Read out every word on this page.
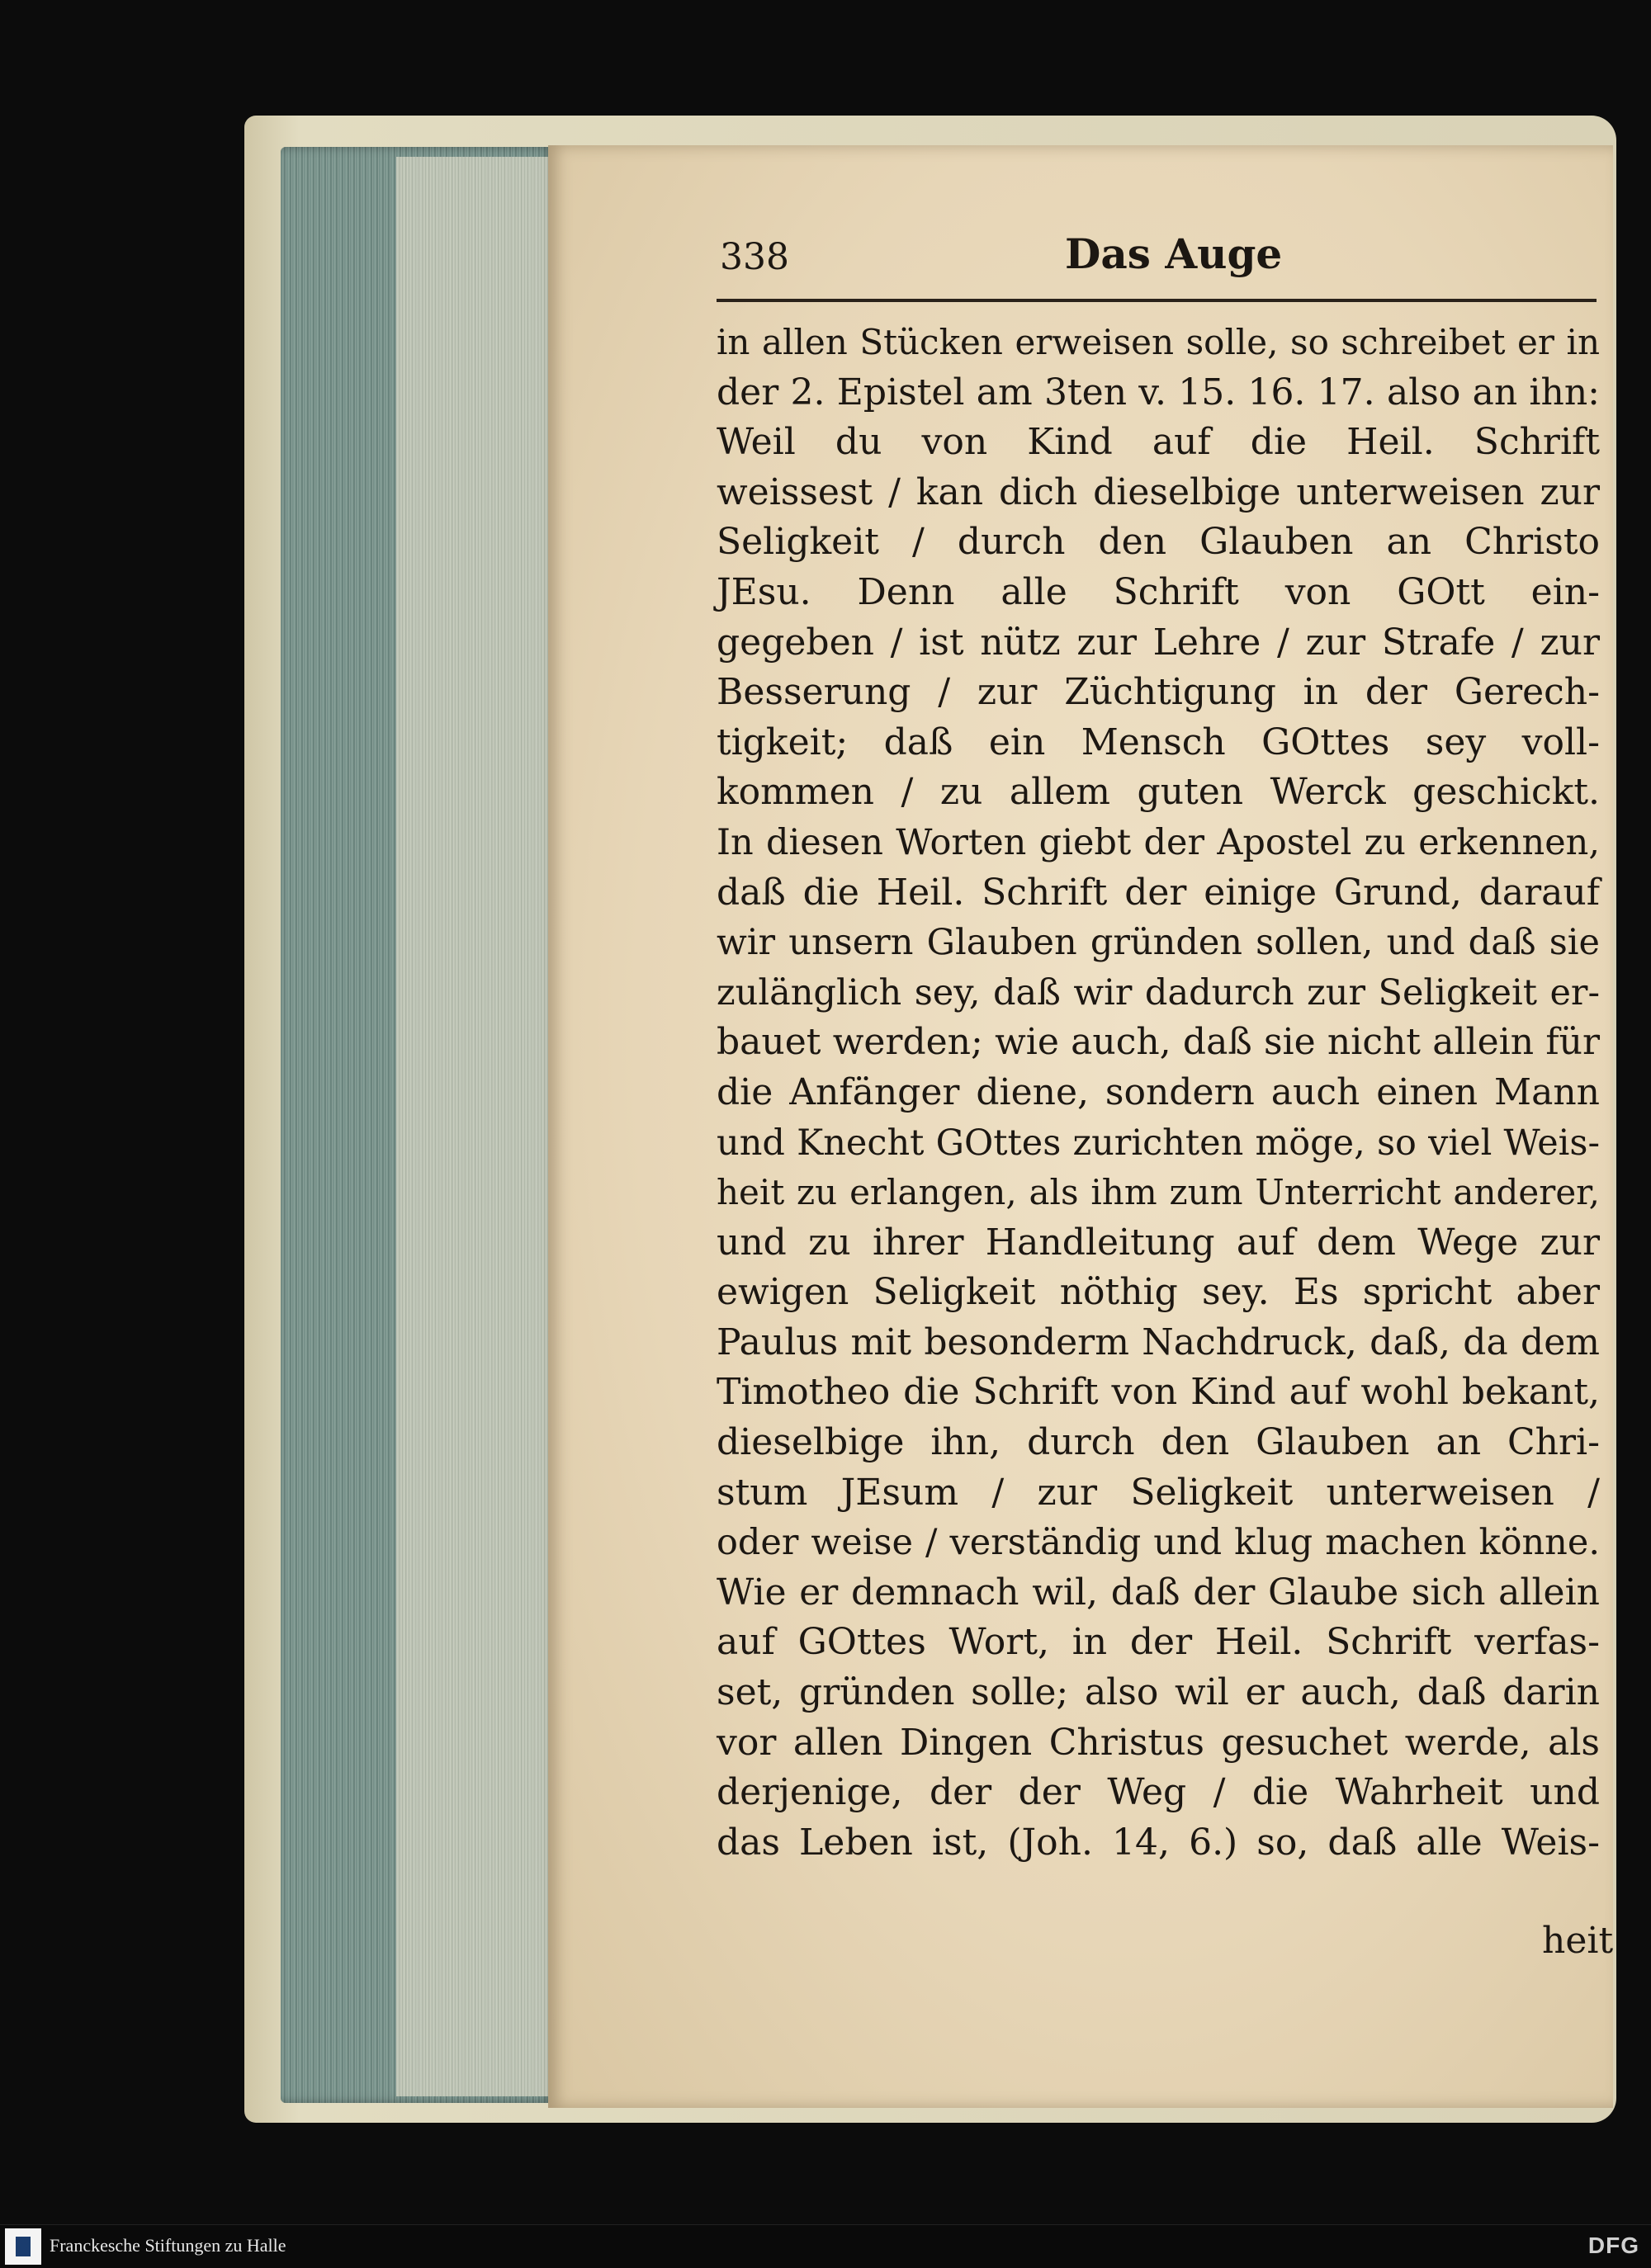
338	Das Auge
in allen Stücken erweisen solle, so schreibet er in
der 2. Epistel am 3ten v. 15. 16. 17. also an ihn:
Weil du von Kind auf die Heil. Schrift
weissest / kan dich dieselbige unterweisen zur
Seligkeit / durch den Glauben an Christo
JEsu. Denn alle Schrift von GOtt ein-
gegeben / ist nütz zur Lehre / zur Strafe / zur
Besserung / zur Züchtigung in der Gerech-
tigkeit; daß ein Mensch GOttes sey voll-
kommen / zu allem guten Werck geschickt.
In diesen Worten giebt der Apostel zu erkennen,
daß die Heil. Schrift der einige Grund, darauf
wir unsern Glauben gründen sollen, und daß sie
zulänglich sey, daß wir dadurch zur Seligkeit er-
bauet werden; wie auch, daß sie nicht allein für
die Anfänger diene, sondern auch einen Mann
und Knecht GOttes zurichten möge, so viel Weis-
heit zu erlangen, als ihm zum Unterricht anderer,
und zu ihrer Handleitung auf dem Wege zur
ewigen Seligkeit nöthig sey. Es spricht aber
Paulus mit besonderm Nachdruck, daß, da dem
Timotheo die Schrift von Kind auf wohl bekant,
dieselbige ihn, durch den Glauben an Chri-
stum JEsum / zur Seligkeit unterweisen /
oder weise / verständig und klug machen könne.
Wie er demnach wil, daß der Glaube sich allein
auf GOttes Wort, in der Heil. Schrift verfas-
set, gründen solle; also wil er auch, daß darin
vor allen Dingen Christus gesuchet werde, als
derjenige, der der Weg / die Wahrheit und
das Leben ist, (Joh. 14, 6.) so, daß alle Weis-
heit
Franckesche Stiftungen zu Halle	DFG
